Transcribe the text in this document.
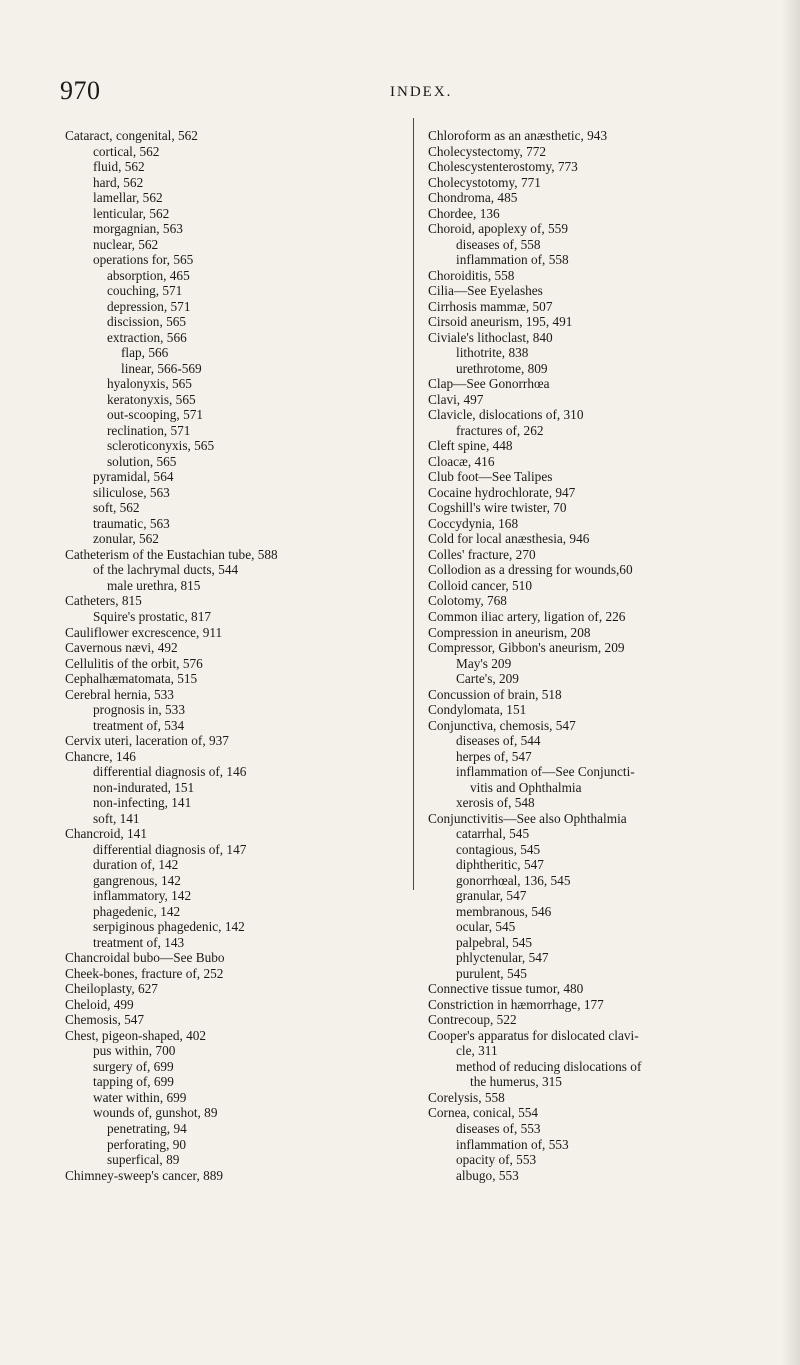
970	INDEX.
Cataract, congenital, 562
cortical, 562
fluid, 562
hard, 562
lamellar, 562
lenticular, 562
morgagnian, 563
nuclear, 562
operations for, 565
absorption, 465
couching, 571
depression, 571
discission, 565
extraction, 566
flap, 566
linear, 566-569
hyalonyxis, 565
keratonyxis, 565
out-scooping, 571
reclination, 571
scleroticonyxis, 565
solution, 565
pyramidal, 564
siliculose, 563
soft, 562
traumatic, 563
zonular, 562
Catheterism of the Eustachian tube, 588
of the lachrymal ducts, 544
male urethra, 815
Catheters, 815
Squire's prostatic, 817
Cauliflower excrescence, 911
Cavernous nævi, 492
Cellulitis of the orbit, 576
Cephalhæmatomata, 515
Cerebral hernia, 533
prognosis in, 533
treatment of, 534
Cervix uteri, laceration of, 937
Chancre, 146
differential diagnosis of, 146
non-indurated, 151
non-infecting, 141
soft, 141
Chancroid, 141
differential diagnosis of, 147
duration of, 142
gangrenous, 142
inflammatory, 142
phagedenic, 142
serpiginous phagedenic, 142
treatment of, 143
Chancroidal bubo—See Bubo
Cheek-bones, fracture of, 252
Cheiloplasty, 627
Cheloid, 499
Chemosis, 547
Chest, pigeon-shaped, 402
pus within, 700
surgery of, 699
tapping of, 699
water within, 699
wounds of, gunshot, 89
penetrating, 94
perforating, 90
superfical, 89
Chimney-sweep's cancer, 889
Chloroform as an anæsthetic, 943
Cholecystectomy, 772
Cholescystenterostomy, 773
Cholecystotomy, 771
Chondroma, 485
Chordee, 136
Choroid, apoplexy of, 559
diseases of, 558
inflammation of, 558
Choroiditis, 558
Cilia—See Eyelashes
Cirrhosis mammæ, 507
Cirsoid aneurism, 195, 491
Civiale's lithoclast, 840
lithotrite, 838
urethrotome, 809
Clap—See Gonorrhœa
Clavi, 497
Clavicle, dislocations of, 310
fractures of, 262
Cleft spine, 448
Cloacæ, 416
Club foot—See Talipes
Cocaine hydrochlorate, 947
Cogshill's wire twister, 70
Coccydynia, 168
Cold for local anæsthesia, 946
Colles' fracture, 270
Collodion as a dressing for wounds,60
Colloid cancer, 510
Colotomy, 768
Common iliac artery, ligation of, 226
Compression in aneurism, 208
Compressor, Gibbon's aneurism, 209
May's 209
Carte's, 209
Concussion of brain, 518
Condylomata, 151
Conjunctiva, chemosis, 547
diseases of, 544
herpes of, 547
inflammation of—See Conjuncti-
vitis and Ophthalmia
xerosis of, 548
Conjunctivitis—See also Ophthalmia
catarrhal, 545
contagious, 545
diphtheritic, 547
gonorrhœal, 136, 545
granular, 547
membranous, 546
ocular, 545
palpebral, 545
phlyctenular, 547
purulent, 545
Connective tissue tumor, 480
Constriction in hæmorrhage, 177
Contrecoup, 522
Cooper's apparatus for dislocated clavi-
cle, 311
method of reducing dislocations of
the humerus, 315
Corelysis, 558
Cornea, conical, 554
diseases of, 553
inflammation of, 553
opacity of, 553
albugo, 553
